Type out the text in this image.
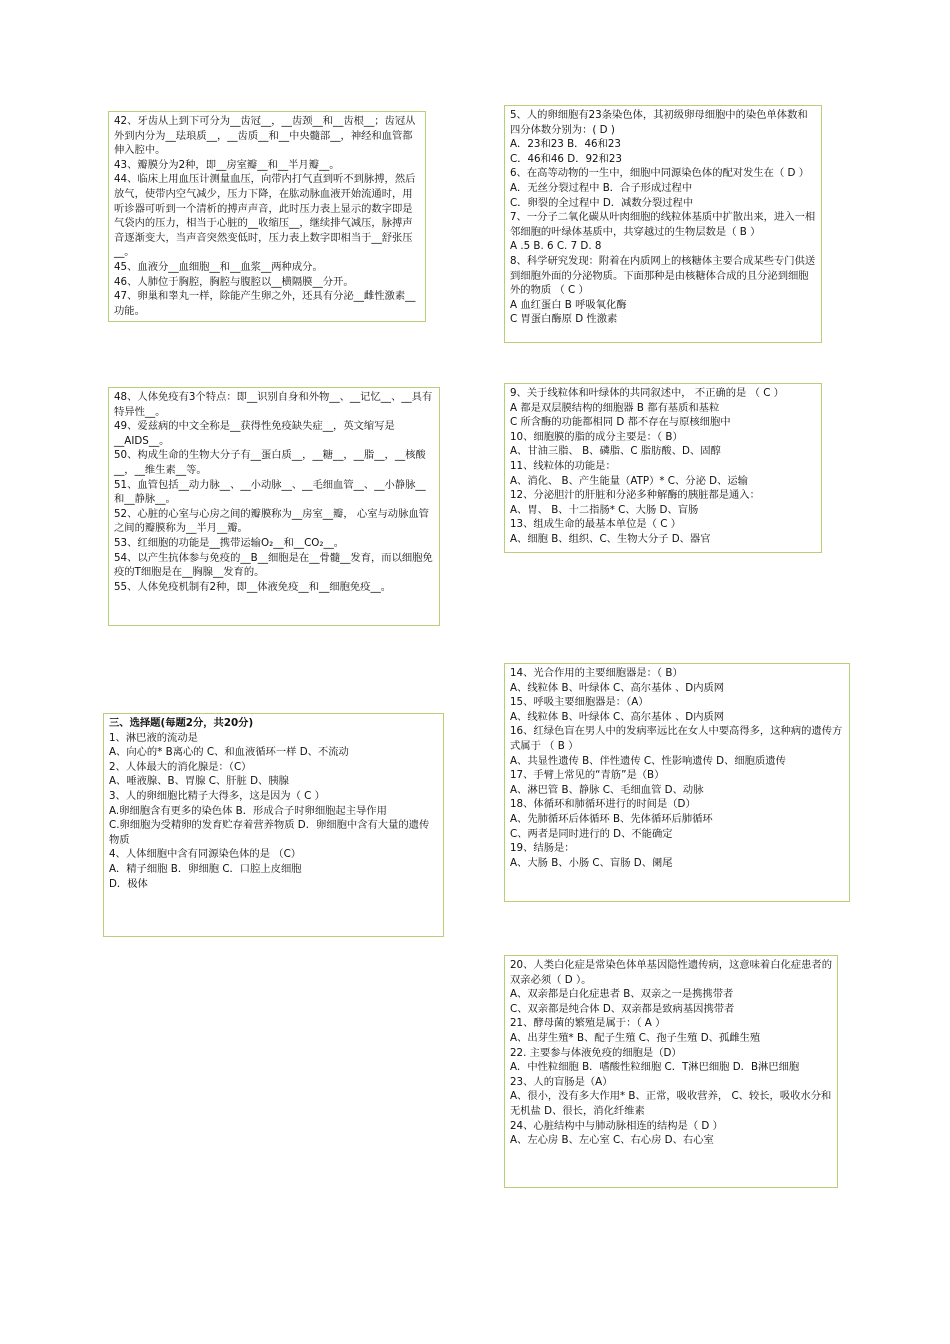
42、牙齿从上到下可分为__齿冠__，__齿颈__和__齿根__；齿冠从外到内分为__珐琅质__，__齿质__和__中央髓部__，神经和血管都伸入腔中。

43、瓣膜分为2种，即__房室瓣__和__半月瓣__。

44、临床上用血压计测量血压，向带内打气直到听不到脉搏，然后放气，使带内空气减少，压力下降，在肱动脉血液开始流通时，用听诊器可听到一个清析的搏声声音，此时压力表上显示的数字即是气袋内的压力，相当于心脏的__收缩压__，继续排气减压，脉搏声音逐渐变大，当声音突然变低时，压力表上数字即相当于__舒张压__。

45、血液分__血细胞__和__血浆__两种成分。

46、人肺位于胸腔，胸腔与腹腔以__横隔膜__分开。

47、卵巢和睾丸一样，除能产生卵之外，还具有分泌__雌性激素__功能。

5、人的卵细胞有23条染色体，其初级卵母细胞中的染色单体数和四分体数分别为：( D )

A．23和23 B．46和23

C．46和46 D．92和23

6、在高等动物的一生中，细胞中同源染色体的配对发生在（ D ）

A．无丝分裂过程中 B．合子形成过程中

C．卵裂的全过程中 D．减数分裂过程中

7、一分子二氧化碳从叶肉细胞的线粒体基质中扩散出来，进入一相邻细胞的叶绿体基质中，共穿越过的生物层数是（ B ）

A .5 B. 6 C. 7 D. 8

8、科学研究发现：附着在内质网上的核糖体主要合成某些专门供送到细胞外面的分泌物质。下面那种是由核糖体合成的且分泌到细胞外的物质 （ C ）

A 血红蛋白 B 呼吸氧化酶

C 胃蛋白酶原 D 性激素

48、人体免疫有3个特点：即__识别自身和外物__、__记忆__、__具有特异性__。

49、爱兹病的中文全称是__获得性免疫缺失症__，英文缩写是__AIDS__。

50、构成生命的生物大分子有__蛋白质__，__糖__，__脂__，__核酸__，__维生素__等。

51、血管包括__动力脉__、__小动脉__、__毛细血管__、__小静脉__和__静脉__。

52、心脏的心室与心房之间的瓣膜称为__房室__瓣， 心室与动脉血管之间的瓣膜称为__半月__瓣。

53、红细胞的功能是__携带运输O₂__和__CO₂__。

54、以产生抗体参与免疫的__B__细胞是在__骨髓__发育，而以细胞免疫的T细胞是在__胸腺__发育的。

55、人体免疫机制有2种，即__体液免疫__和__细胞免疫__。

9、关于线粒体和叶绿体的共同叙述中， 不正确的是 （ C ）

A 都是双层膜结构的细胞器 B 都有基质和基粒

C 所含酶的功能都相同 D 都不存在与原核细胞中

10、细胞膜的脂的成分主要是：（ B）

A、甘油三脂、 B、磷脂、C 脂肪酸、D、固醇

11、线粒体的功能是：

A、消化、 B、产生能量（ATP）* C、分泌 D、运输

12、分泌胆汁的肝脏和分泌多种解酶的胰脏都是通入：

A、胃、 B、十二指肠* C、大肠 D、盲肠

13、组成生命的最基本单位是（ C ）

A、细胞 B、组织、C、生物大分子 D、器官

三、选择题(每题2分，共20分)

1、淋巴液的流动是

A、向心的* B离心的 C、和血液循环一样 D、不流动

2、人体最大的消化腺是：（C）

A、唾液腺、B、胃腺 C、肝脏 D、胰腺

3、人的卵细胞比精子大得多，这是因为（ C ）

A.卵细胞含有更多的染色体 B．形成合子时卵细胞起主导作用

C.卵细胞为受精卵的发育贮存着营养物质 D．卵细胞中含有大量的遗传物质

4、人体细胞中含有同源染色体的是 （C）

A．精子细胞 B．卵细胞 C．口腔上皮细胞

D．极体

14、光合作用的主要细胞器是：（ B）

A、线粒体 B、叶绿体 C、高尔基体 、D内质网

15、呼吸主要细胞器是：（A）

A、线粒体 B、叶绿体 C、高尔基体 、D内质网

16、红绿色盲在男人中的发病率远比在女人中要高得多，这种病的遗传方式属于 （ B ）

A、共显性遗传 B、伴性遗传 C、性影响遗传 D、细胞质遗传

17、手臂上常见的“青筋”是（B）

A、淋巴管 B、静脉 C、毛细血管 D、动脉

18、体循环和肺循环进行的时间是（D）

A、先肺循环后体循环 B、先体循环后肺循环

C、两者是同时进行的 D、不能确定

19、结肠是：

A、大肠 B、小肠 C、盲肠 D、阑尾

20、人类白化症是常染色体单基因隐性遗传病，这意味着白化症患者的双亲必须（ D ）。

A、双亲都是白化症患者 B、双亲之一是携携带者

C、双亲都是纯合体 D、双亲都是致病基因携带者

21、酵母菌的繁殖是属于：（ A ）

A、出芽生殖* B、配子生殖 C、孢子生殖 D、孤雌生殖

22. 主要参与体液免疫的细胞是（D）

A．中性粒细胞 B．嗜酸性粒细胞 C．T淋巴细胞 D．B淋巴细胞

23、人的盲肠是（A）

A、很小，没有多大作用* B、正常，吸收营养， C、较长，吸收水分和无机盐 D、很长，消化纤维素

24、心脏结构中与肺动脉相连的结构是（ D ）

A、左心房 B、左心室 C、右心房 D、右心室
